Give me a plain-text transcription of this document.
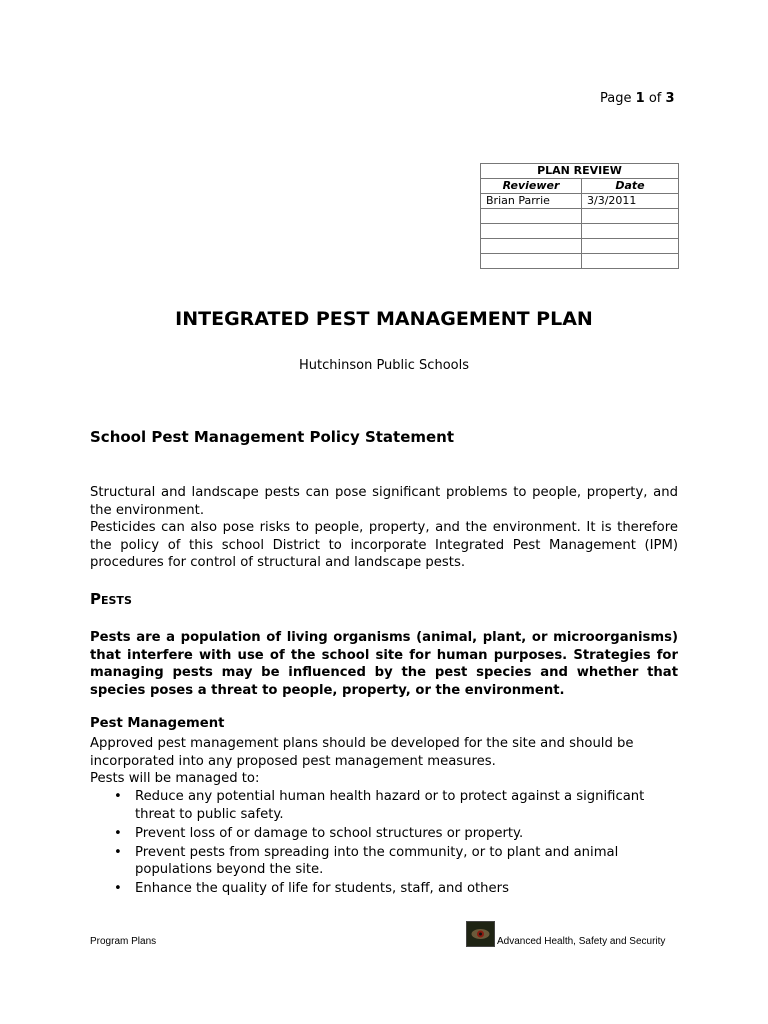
Page 1 of 3
PLAN REVIEW	
Reviewer	Date
Brian Parrie	3/3/2011

INTEGRATED PEST MANAGEMENT PLAN
Hutchinson Public Schools
School Pest Management Policy Statement

Structural and landscape pests can pose significant problems to people, property, and the environment.

Pesticides can also pose risks to people, property, and the environment. It is therefore the policy of this school District to incorporate Integrated Pest Management (IPM) procedures for control of structural and landscape pests.

PESTS
Pests are a population of living organisms (animal, plant, or microorganisms) that interfere with use of the school site for human purposes. Strategies for managing pests may be influenced by the pest species and whether that species poses a threat to people, property, or the environment.
Pest Management

Approved pest management plans should be developed for the site and should be incorporated into any proposed pest management measures.

Pests will be managed to:

• Reduce any potential human health hazard or to protect against a significant threat to public safety.
• Prevent loss of or damage to school structures or property.
• Prevent pests from spreading into the community, or to plant and animal populations beyond the site.
• Enhance the quality of life for students, staff, and others
Program Plans	Advanced Health, Safety and Security
